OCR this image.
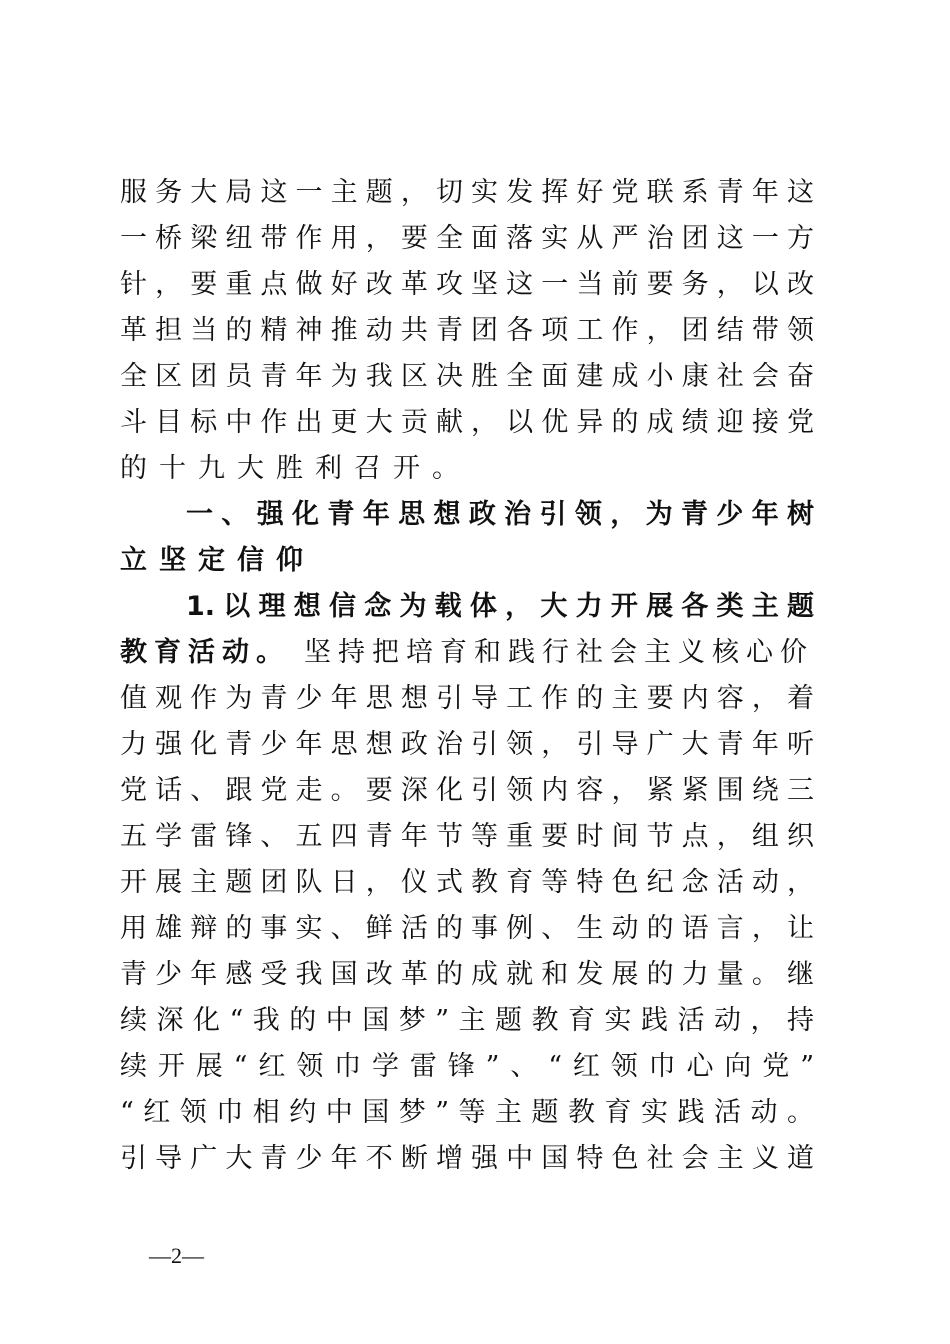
服务大局这一主题，切实发挥好党联系青年这
一桥梁纽带作用，要全面落实从严治团这一方
针，要重点做好改革攻坚这一当前要务，以改
革担当的精神推动共青团各项工作，团结带领
全区团员青年为我区决胜全面建成小康社会奋
斗目标中作出更大贡献，以优异的成绩迎接党
的十九大胜利召开。
一、强化青年思想政治引领，为青少年树
立坚定信仰
1.以理想信念为载体，大力开展各类主题
教育活动。 坚持把培育和践行社会主义核心价
值观作为青少年思想引导工作的主要内容，着
力强化青少年思想政治引领，引导广大青年听
党话、跟党走。要深化引领内容，紧紧围绕三
五学雷锋、五四青年节等重要时间节点，组织
开展主题团队日，仪式教育等特色纪念活动，
用雄辩的事实、鲜活的事例、生动的语言，让
青少年感受我国改革的成就和发展的力量。继
续深化“我的中国梦”主题教育实践活动，持
续开展“红领巾学雷锋”、“红领巾心向党”
“红领巾相约中国梦”等主题教育实践活动。
引导广大青少年不断增强中国特色社会主义道
—2—
